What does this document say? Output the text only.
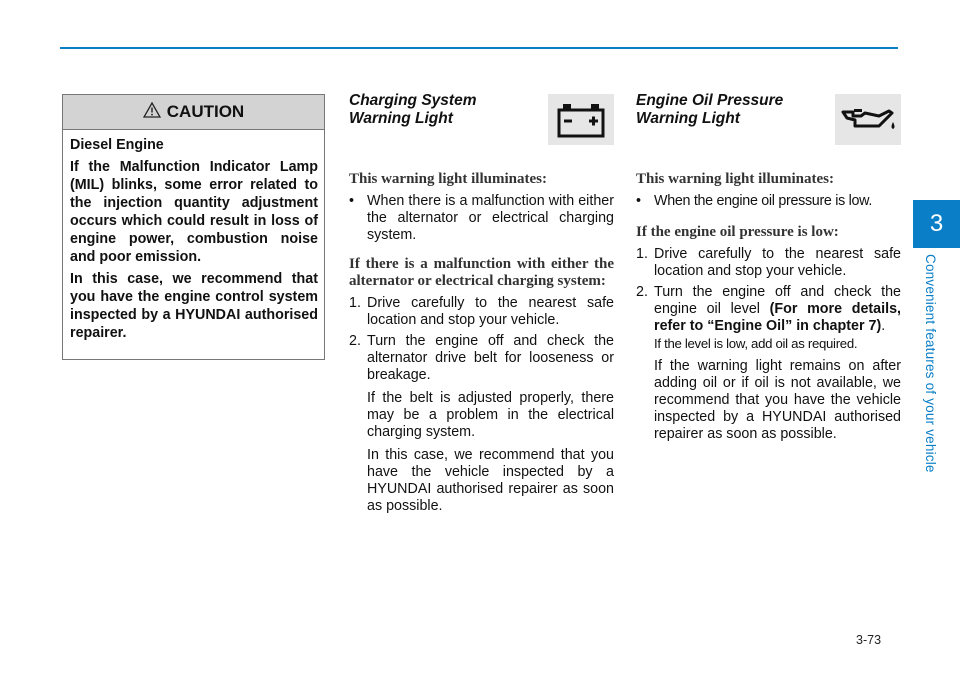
3
Convenient features of your vehicle
CAUTION

Diesel Engine

If the Malfunction Indicator Lamp (MIL) blinks, some error related to the injection quantity adjustment occurs which could result in loss of engine power, combustion noise and poor emission.

In this case, we recommend that you have the engine control system inspected by a HYUNDAI authorised repairer.

Charging System
Warning Light

This warning light illuminates:

• When there is a malfunction with either the alternator or electrical charging system.

If there is a malfunction with either the alternator or electrical charging system:

1. Drive carefully to the nearest safe location and stop your vehicle.
2. Turn the engine off and check the alternator drive belt for looseness or breakage.

If the belt is adjusted properly, there may be a problem in the electrical charging system.

In this case, we recommend that you have the vehicle inspected by a HYUNDAI authorised repairer as soon as possible.

Engine Oil Pressure
Warning Light

This warning light illuminates:

• When the engine oil pressure is low.

If the engine oil pressure is low:

1. Drive carefully to the nearest safe location and stop your vehicle.
2. Turn the engine off and check the engine oil level (For more details, refer to “Engine Oil” in chapter 7).

If the level is low, add oil as required.

If the warning light remains on after adding oil or if oil is not available, we recommend that you have the vehicle inspected by a HYUNDAI authorised repairer as soon as possible.

3-73
